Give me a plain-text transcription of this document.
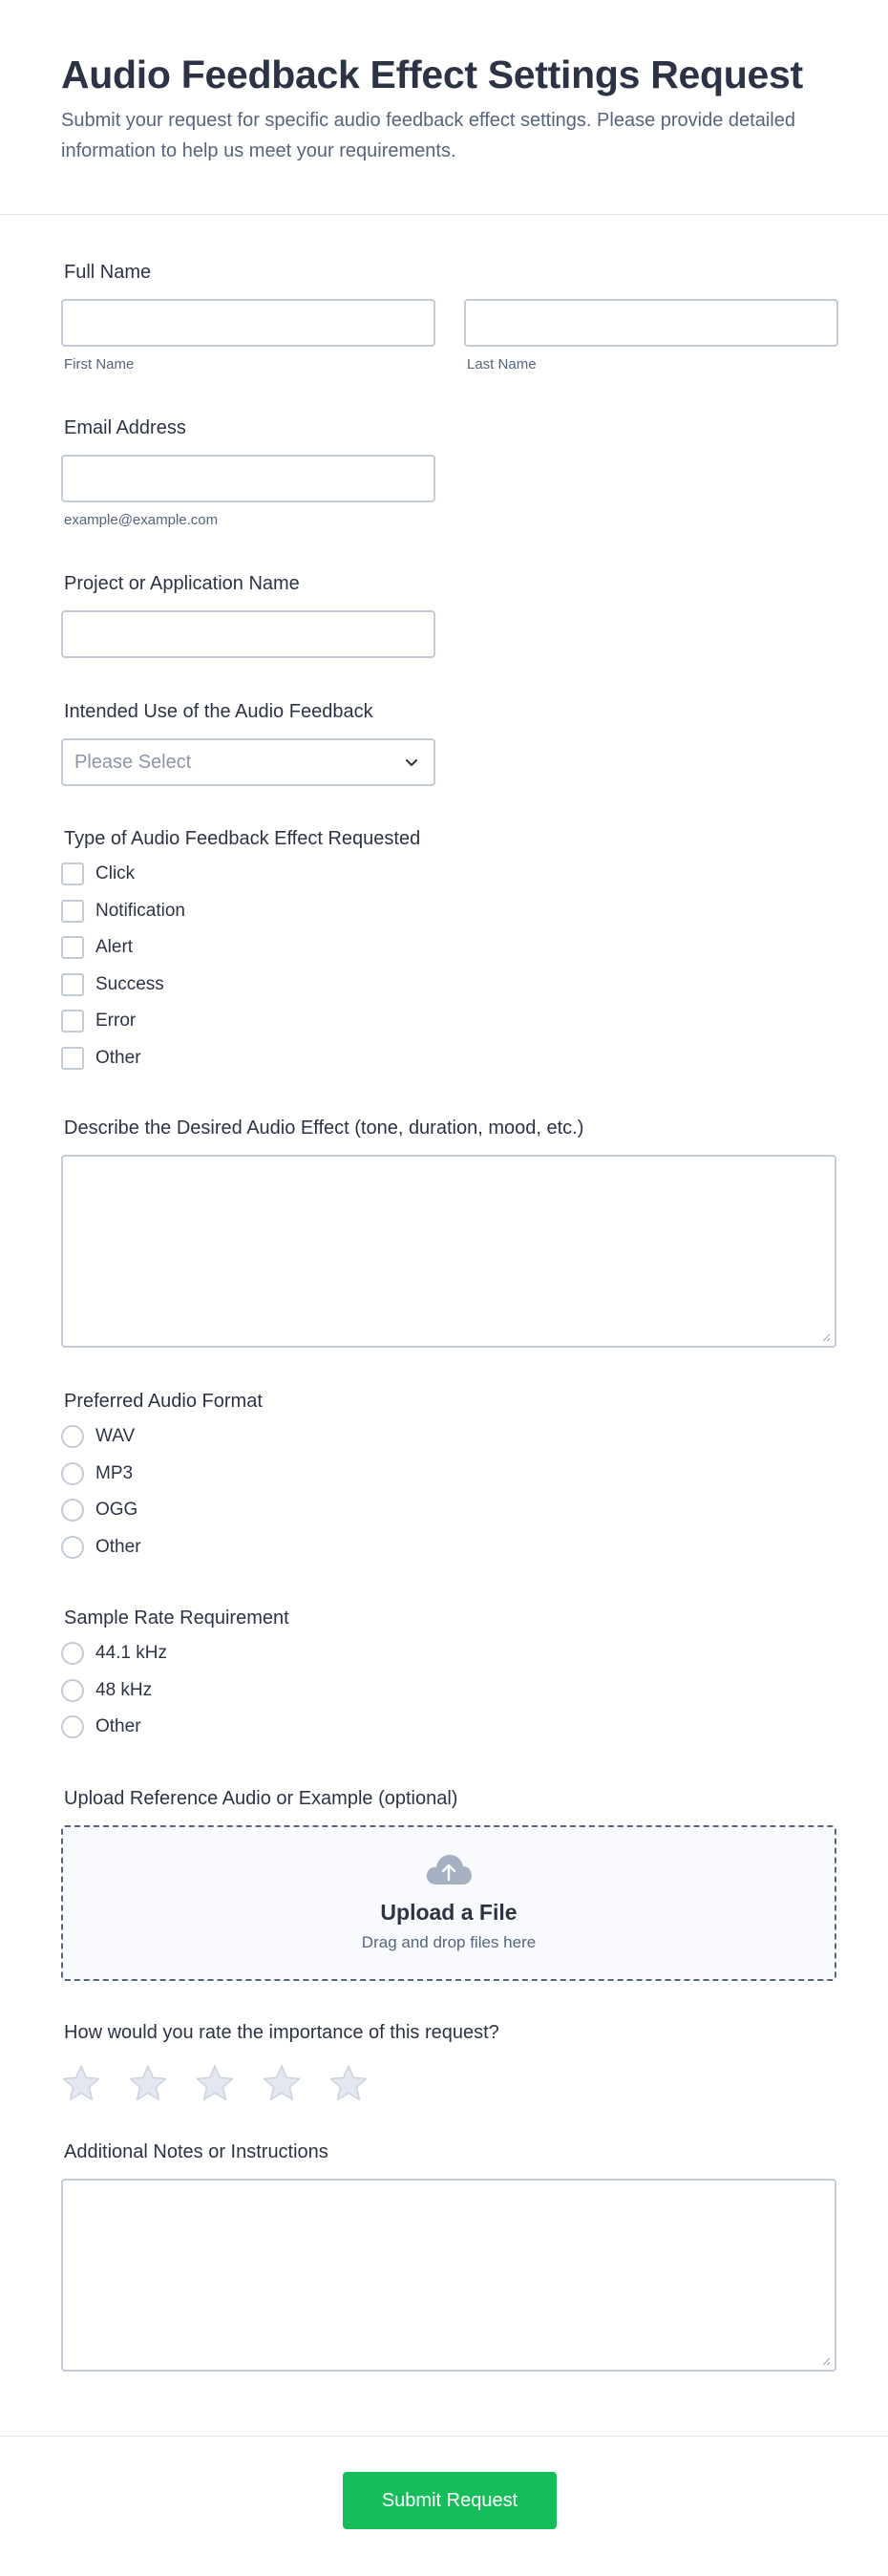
Audio Feedback Effect Settings Request

Submit your request for specific audio feedback effect settings. Please provide detailed information to help us meet your requirements.

Full Name
First Name	Last Name
Email Address
example@example.com
Project or Application Name
Intended Use of the Audio Feedback
Please Select
Type of Audio Feedback Effect Requested
Click
Notification
Alert
Success
Error
Other
Describe the Desired Audio Effect (tone, duration, mood, etc.)
Preferred Audio Format
WAV
MP3
OGG
Other
Sample Rate Requirement
44.1 kHz
48 kHz
Other
Upload Reference Audio or Example (optional)
Upload a File
Drag and drop files here
How would you rate the importance of this request?
Additional Notes or Instructions
Submit Request
